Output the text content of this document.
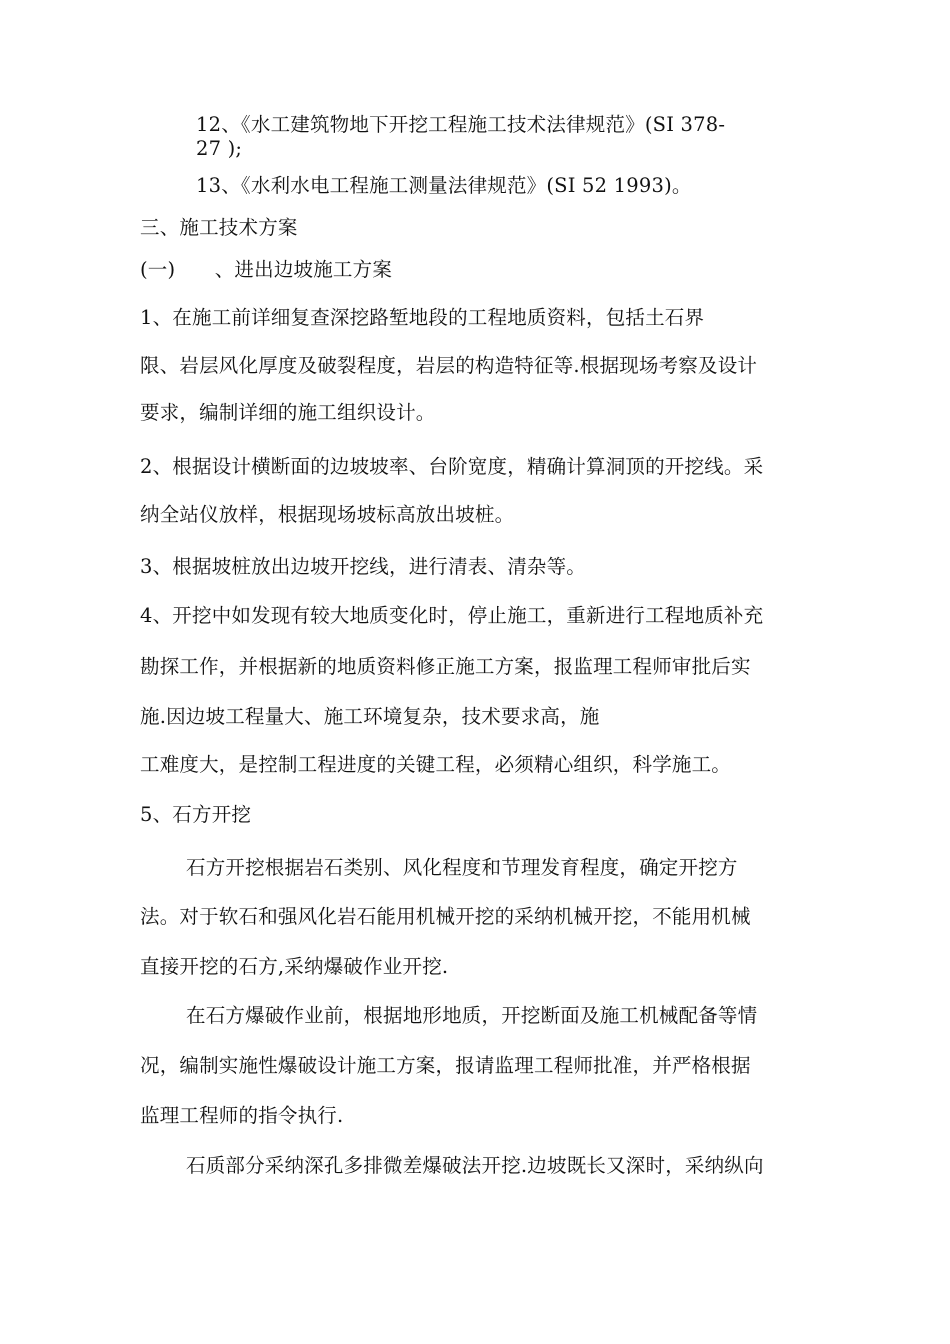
12、《水工建筑物地下开挖工程施工技术法律规范》(SI 378-
27 );
13、《水利水电工程施工测量法律规范》(SI 52 1993)。
三、施工技术方案
(一)　　、进出边坡施工方案
1、在施工前详细复查深挖路堑地段的工程地质资料，包括土石界
限、岩层风化厚度及破裂程度，岩层的构造特征等.根据现场考察及设计
要求，编制详细的施工组织设计。
2、根据设计横断面的边坡坡率、台阶宽度，精确计算洞顶的开挖线。采
纳全站仪放样，根据现场坡标高放出坡桩。
3、根据坡桩放出边坡开挖线，进行清表、清杂等。
4、开挖中如发现有较大地质变化时，停止施工，重新进行工程地质补充
勘探工作，并根据新的地质资料修正施工方案，报监理工程师审批后实
施.因边坡工程量大、施工环境复杂，技术要求高，施
工难度大，是控制工程进度的关键工程，必须精心组织，科学施工。
5、石方开挖
石方开挖根据岩石类别、风化程度和节理发育程度，确定开挖方
法。对于软石和强风化岩石能用机械开挖的采纳机械开挖，不能用机械
直接开挖的石方,采纳爆破作业开挖.
在石方爆破作业前，根据地形地质，开挖断面及施工机械配备等情
况，编制实施性爆破设计施工方案，报请监理工程师批准，并严格根据
监理工程师的指令执行.
石质部分采纳深孔多排微差爆破法开挖.边坡既长又深时，采纳纵向
